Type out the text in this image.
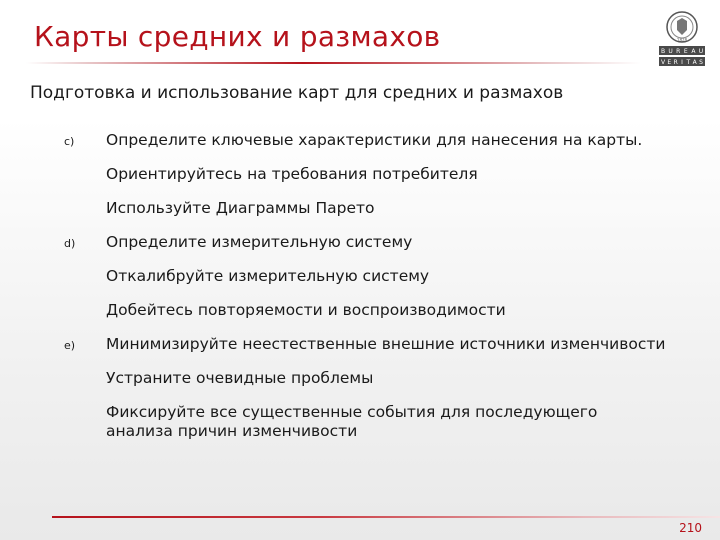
Карты средних и размахов	1828
B U R E A U
V E R I T A S
Подготовка и использование карт для средних и размахов
c)	Определите ключевые характеристики для нанесения на карты.
Ориентируйтесь на требования потребителя
Используйте Диаграммы Парето
d)	Определите измерительную систему
Откалибруйте измерительную систему
Добейтесь повторяемости и воспроизводимости
e)	Минимизируйте неестественные внешние источники изменчивости
Устраните очевидные проблемы
Фиксируйте все существенные события для последующего анализа причин изменчивости
210
